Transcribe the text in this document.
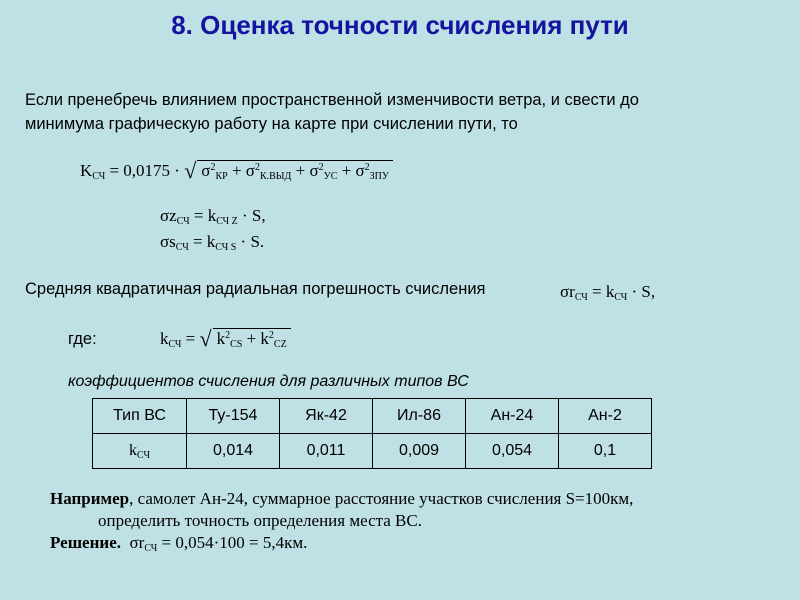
8. Оценка точности счисления пути
Если пренебречь влиянием пространственной изменчивости ветра, и свести до
минимума графическую работу на карте при счислении пути, то
$K_{СЧ} = 0,0175$ · √ $\sigma^2_{КР} + \sigma^2_{К.ВЫД} + \sigma^2_{УС} + \sigma^2_{ЗПУ}$
$\sigma z_{СЧ} = k_{СЧ Z} \cdot S$,
$\sigma s_{СЧ} = k_{СЧ S} \cdot S$.
Средняя квадратичная радиальная погрешность счисления	$\sigma r_{СЧ} = k_{СЧ} \cdot S$,
где:	$k_{СЧ}$ = √ $k^2_{CS} + k^2_{CZ}$
коэффициентов счисления для различных типов ВС
Тип ВС	Ту-154	Як-42	Ил-86	Ан-24	Ан-2
$k_{СЧ}$	0,014	0,011	0,009	0,054	0,1
Например, самолет Ан-24, суммарное расстояние участков счисления S=100км,
определить точность определения места ВС.
Решение. $\sigma r_{СЧ} = 0,054\cdot 100 = 5,4км$.
